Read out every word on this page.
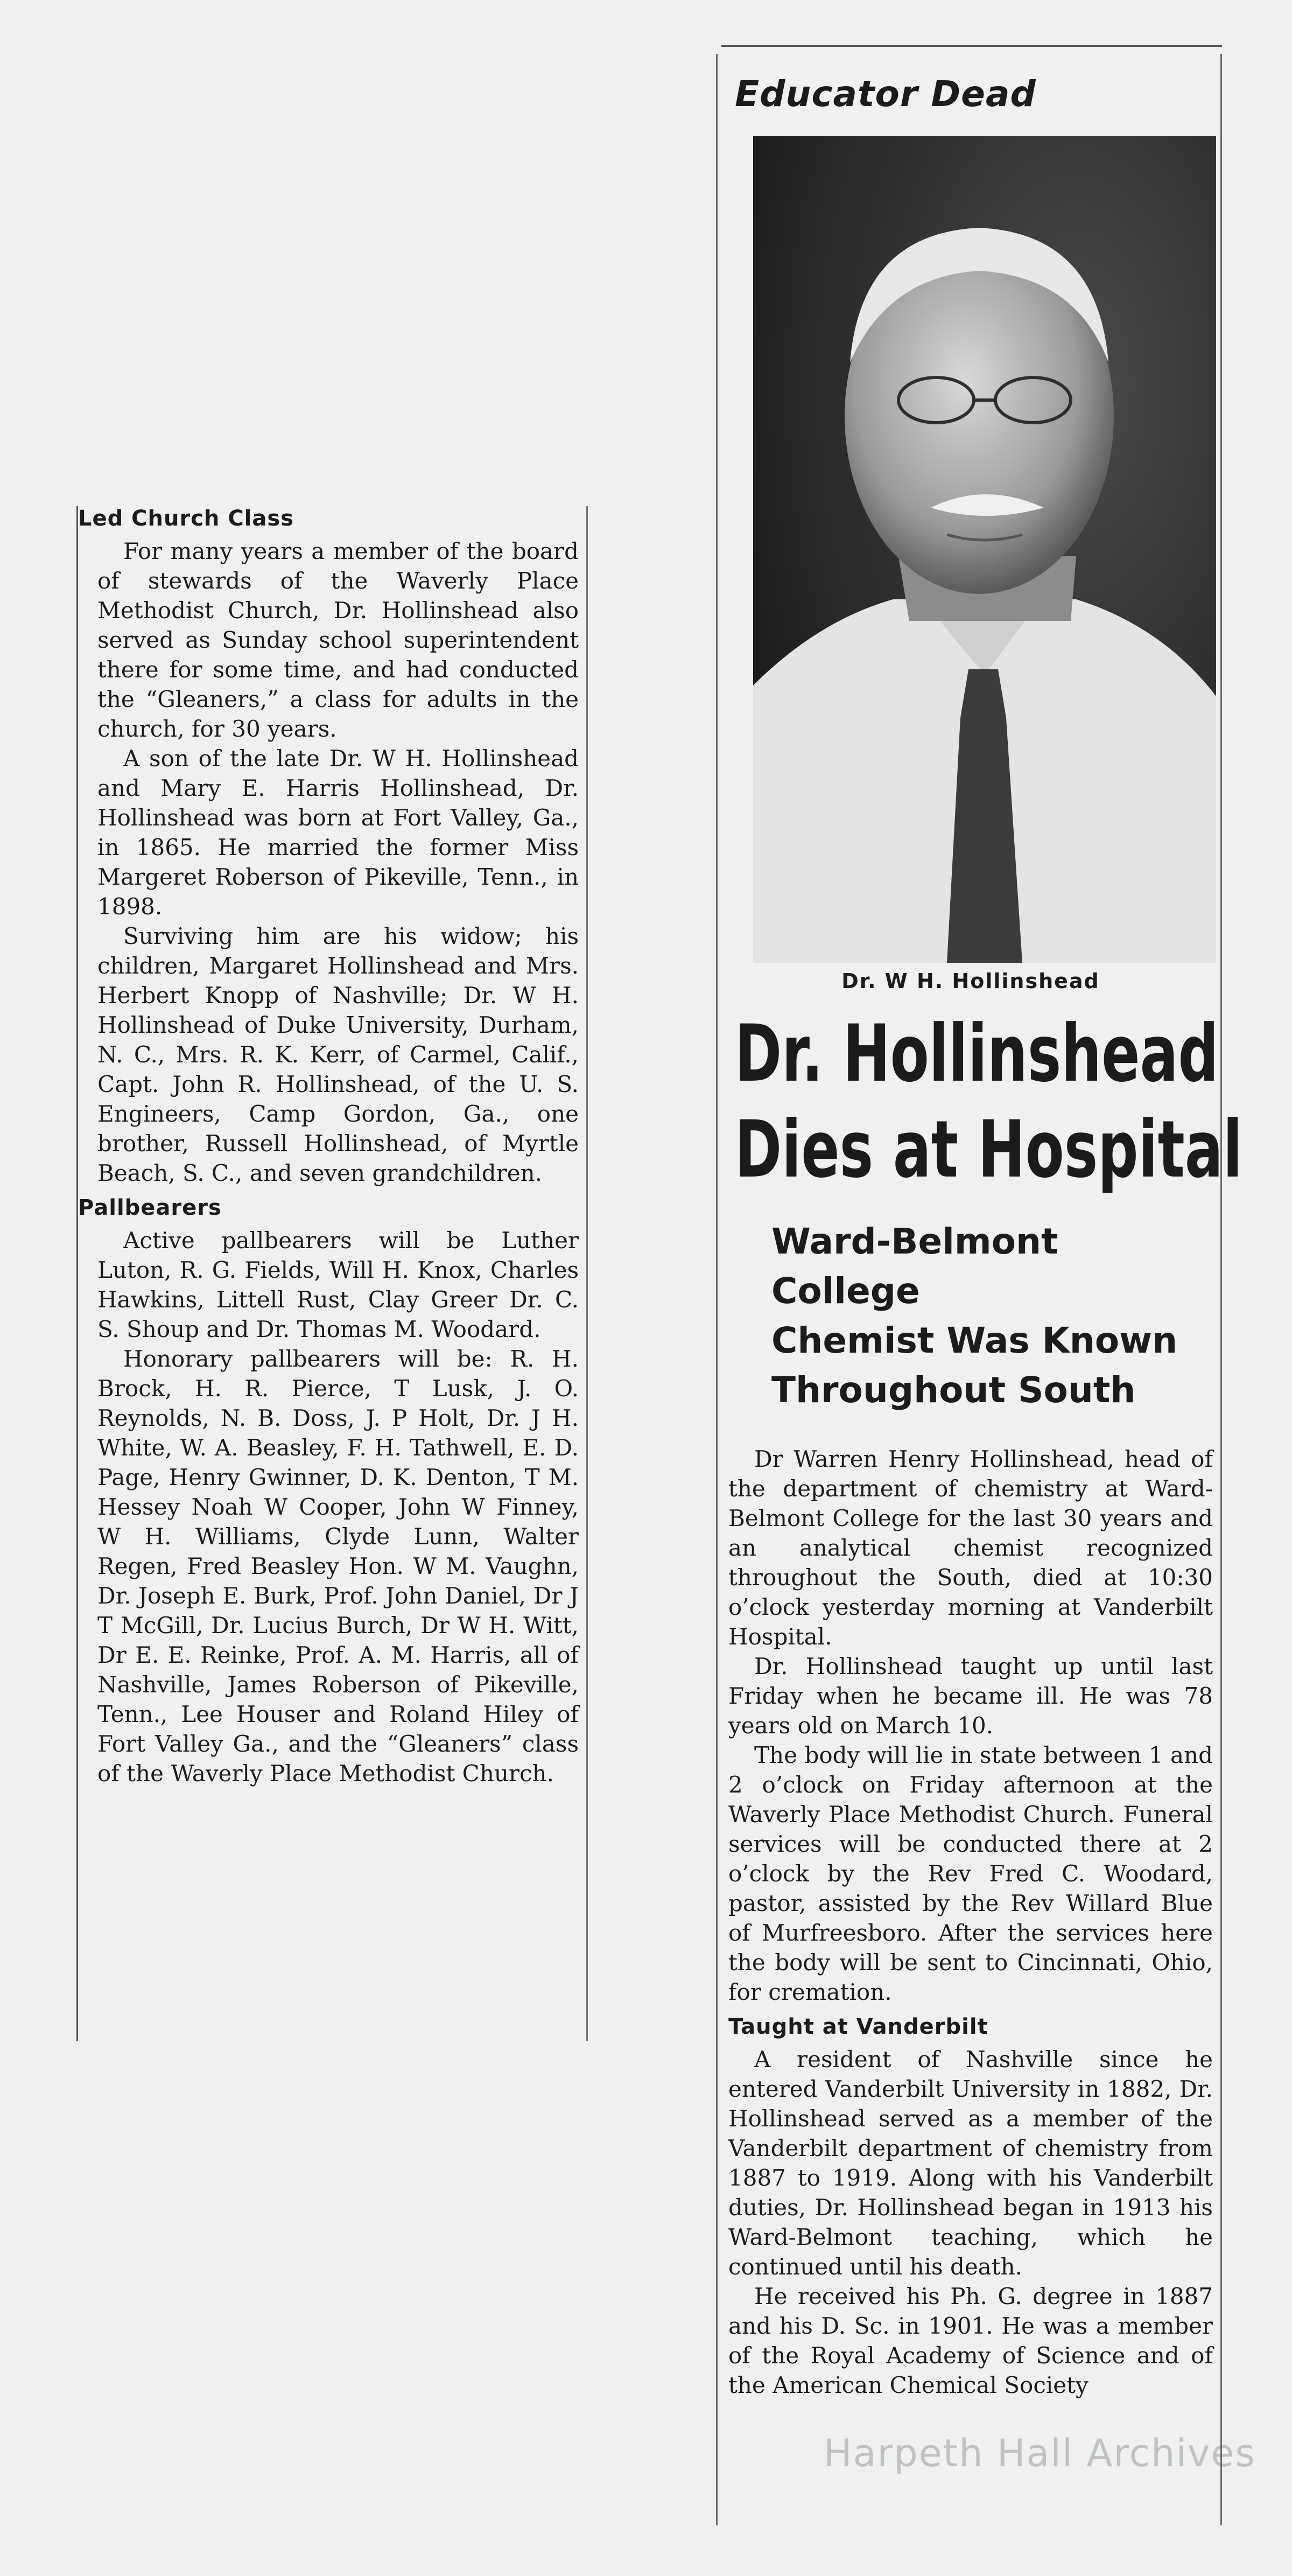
Led Church Class

For many years a member of the board of stewards of the Waverly Place Methodist Church, Dr. Hollinshead also served as Sunday school superintendent there for some time, and had conducted the “Gleaners,” a class for adults in the church, for 30 years.

A son of the late Dr. W H. Hollinshead and Mary E. Harris Hollinshead, Dr. Hollinshead was born at Fort Valley, Ga., in 1865. He married the former Miss Margeret Roberson of Pikeville, Tenn., in 1898.

Surviving him are his widow; his children, Margaret Hollinshead and Mrs. Herbert Knopp of Nashville; Dr. W H. Hollinshead of Duke University, Durham, N. C., Mrs. R. K. Kerr, of Carmel, Calif., Capt. John R. Hollinshead, of the U. S. Engineers, Camp Gordon, Ga., one brother, Russell Hollinshead, of Myrtle Beach, S. C., and seven grandchildren.

Pallbearers

Active pallbearers will be Luther Luton, R. G. Fields, Will H. Knox, Charles Hawkins, Littell Rust, Clay Greer Dr. C. S. Shoup and Dr. Thomas M. Woodard.

Honorary pallbearers will be: R. H. Brock, H. R. Pierce, T Lusk, J. O. Reynolds, N. B. Doss, J. P Holt, Dr. J H. White, W. A. Beasley, F. H. Tathwell, E. D. Page, Henry Gwinner, D. K. Denton, T M. Hessey Noah W Cooper, John W Finney, W H. Williams, Clyde Lunn, Walter Regen, Fred Beasley Hon. W M. Vaughn, Dr. Joseph E. Burk, Prof. John Daniel, Dr J T McGill, Dr. Lucius Burch, Dr W H. Witt, Dr E. E. Reinke, Prof. A. M. Harris, all of Nashville, James Roberson of Pikeville, Tenn., Lee Houser and Roland Hiley of Fort Valley Ga., and the “Gleaners” class of the Waverly Place Methodist Church.

Educator Dead
Dr. W H. Hollinshead
Dr. Hollinshead
Dies at Hospital
Ward-Belmont College
Chemist Was Known
Throughout South

Dr Warren Henry Hollinshead, head of the department of chemistry at Ward-Belmont College for the last 30 years and an analytical chemist recognized throughout the South, died at 10:30 o’clock yesterday morning at Vanderbilt Hospital.

Dr. Hollinshead taught up until last Friday when he became ill. He was 78 years old on March 10.

The body will lie in state between 1 and 2 o’clock on Friday afternoon at the Waverly Place Methodist Church. Funeral services will be conducted there at 2 o’clock by the Rev Fred C. Woodard, pastor, assisted by the Rev Willard Blue of Murfreesboro. After the services here the body will be sent to Cincinnati, Ohio, for cremation.

Taught at Vanderbilt

A resident of Nashville since he entered Vanderbilt University in 1882, Dr. Hollinshead served as a member of the Vanderbilt department of chemistry from 1887 to 1919. Along with his Vanderbilt duties, Dr. Hollinshead began in 1913 his Ward-Belmont teaching, which he continued until his death.

He received his Ph. G. degree in 1887 and his D. Sc. in 1901. He was a member of the Royal Academy of Science and of the American Chemical Society

Harpeth Hall Archives
